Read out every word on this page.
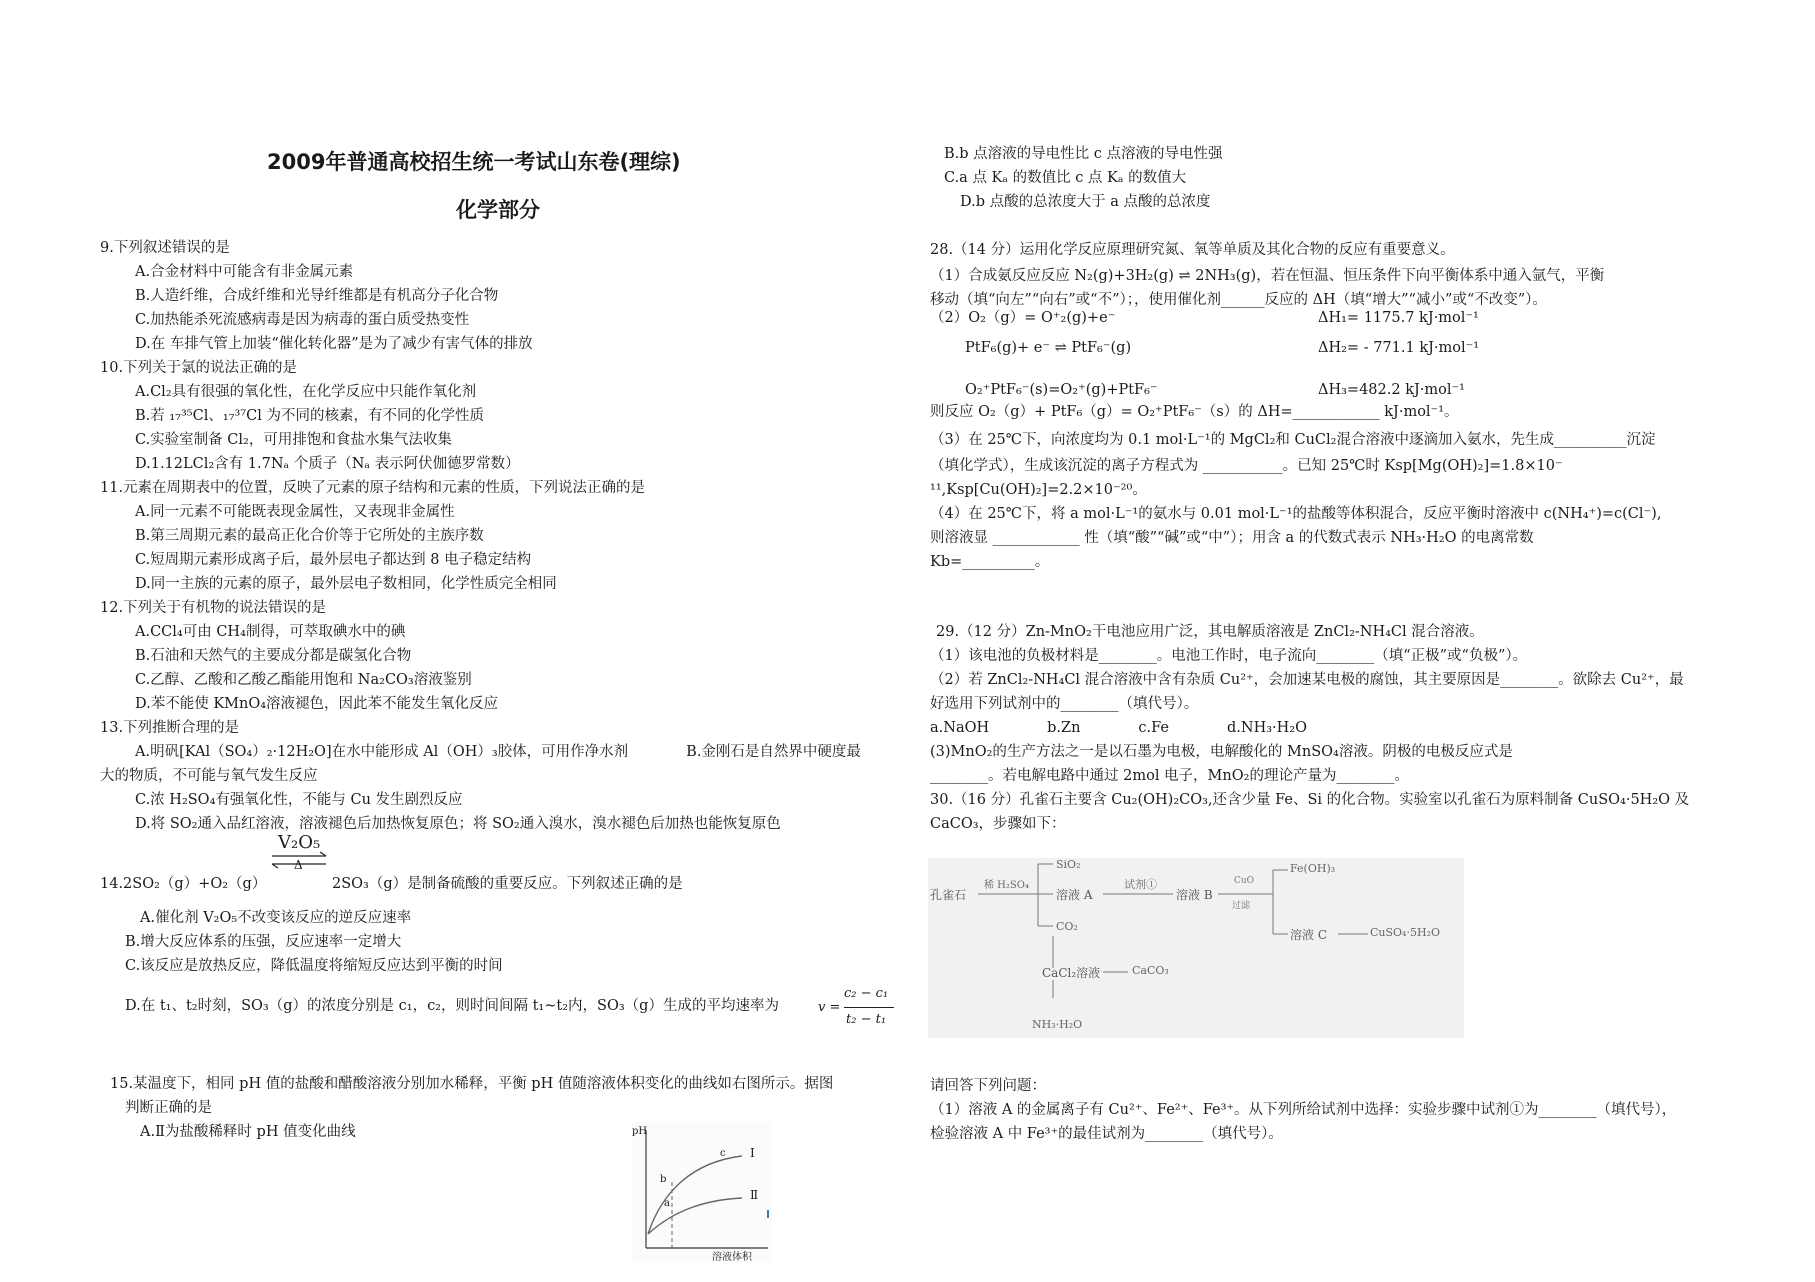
2009年普通高校招生统一考试山东卷(理综)
化学部分
9.下列叙述错误的是
A.合金材料中可能含有非金属元素
B.人造纤维，合成纤维和光导纤维都是有机高分子化合物
C.加热能杀死流感病毒是因为病毒的蛋白质受热变性
D.在 车排气管上加装“催化转化器”是为了减少有害气体的排放
10.下列关于氯的说法正确的是
A.Cl₂具有很强的氧化性，在化学反应中只能作氧化剂
B.若 ₁₇³⁵Cl、₁₇³⁷Cl 为不同的核素，有不同的化学性质
C.实验室制备 Cl₂，可用排饱和食盐水集气法收集
D.1.12LCl₂含有 1.7Nₐ 个质子（Nₐ 表示阿伏伽德罗常数）
11.元素在周期表中的位置，反映了元素的原子结构和元素的性质，下列说法正确的是
A.同一元素不可能既表现金属性，又表现非金属性
B.第三周期元素的最高正化合价等于它所处的主族序数
C.短周期元素形成离子后，最外层电子都达到 8 电子稳定结构
D.同一主族的元素的原子，最外层电子数相同，化学性质完全相同
12.下列关于有机物的说法错误的是
A.CCl₄可由 CH₄制得，可萃取碘水中的碘
B.石油和天然气的主要成分都是碳氢化合物
C.乙醇、乙酸和乙酸乙酯能用饱和 Na₂CO₃溶液鉴别
D.苯不能使 KMnO₄溶液褪色，因此苯不能发生氧化反应
13.下列推断合理的是
A.明矾[KAl（SO₄）₂·12H₂O]在水中能形成 Al（OH）₃胶体，可用作净水剂　　　　B.金刚石是自然界中硬度最
大的物质，不可能与氧气发生反应
C.浓 H₂SO₄有强氧化性，不能与 Cu 发生剧烈反应
D.将 SO₂通入品红溶液，溶液褪色后加热恢复原色；将 SO₂通入溴水，溴水褪色后加热也能恢复原色
14.2SO₂（g）+O₂（g）	2SO₃（g）是制备硫酸的重要反应。下列叙述正确的是
A.催化剂 V₂O₅不改变该反应的逆反应速率
B.增大反应体系的压强，反应速率一定增大
C.该反应是放热反应，降低温度将缩短反应达到平衡的时间
D.在 t₁、t₂时刻，SO₃（g）的浓度分别是 c₁，c₂，则时间间隔 t₁~t₂内，SO₃（g）生成的平均速率为
15.某温度下，相同 pH 值的盐酸和醋酸溶液分别加水稀释，平衡 pH 值随溶液体积变化的曲线如右图所示。据图
判断正确的是
A.Ⅱ为盐酸稀释时 pH 值变化曲线
V₂O₅
Δ
v =
c₂ − c₁
t₂ − t₁
pH
溶液体积
Ⅰ
Ⅱ
a
b
c
B.b 点溶液的导电性比 c 点溶液的导电性强
C.a 点 Kₐ 的数值比 c 点 Kₐ 的数值大
D.b 点酸的总浓度大于 a 点酸的总浓度
28.（14 分）运用化学反应原理研究氮、氧等单质及其化合物的反应有重要意义。
（1）合成氨反应反应 N₂(g)+3H₂(g) ⇌ 2NH₃(g)，若在恒温、恒压条件下向平衡体系中通入氩气，平衡
移动（填“向左”“向右”或“不”）；，使用催化剂______反应的 ΔH（填“增大”“减小”或“不改变”）。
（2）O₂（g）= O⁺₂(g)+e⁻	ΔH₁= 1175.7 kJ·mol⁻¹
PtF₆(g)+ e⁻ ⇌ PtF₆⁻(g)	ΔH₂= - 771.1 kJ·mol⁻¹
O₂⁺PtF₆⁻(s)=O₂⁺(g)+PtF₆⁻	ΔH₃=482.2 kJ·mol⁻¹
则反应 O₂（g）+ PtF₆（g）= O₂⁺PtF₆⁻（s）的 ΔH=____________ kJ·mol⁻¹。
（3）在 25℃下，向浓度均为 0.1 mol·L⁻¹的 MgCl₂和 CuCl₂混合溶液中逐滴加入氨水，先生成__________沉淀
（填化学式），生成该沉淀的离子方程式为 ___________。已知 25℃时 Ksp[Mg(OH)₂]=1.8×10⁻
¹¹,Ksp[Cu(OH)₂]=2.2×10⁻²⁰。
（4）在 25℃下，将 a mol·L⁻¹的氨水与 0.01 mol·L⁻¹的盐酸等体积混合，反应平衡时溶液中 c(NH₄⁺)=c(Cl⁻),
则溶液显 ____________ 性（填“酸”“碱”或“中”）；用含 a 的代数式表示 NH₃·H₂O 的电离常数
Kb=__________。
29.（12 分）Zn-MnO₂干电池应用广泛，其电解质溶液是 ZnCl₂-NH₄Cl 混合溶液。
（1）该电池的负极材料是________。电池工作时，电子流向________（填“正极”或“负极”）。
（2）若 ZnCl₂-NH₄Cl 混合溶液中含有杂质 Cu²⁺，会加速某电极的腐蚀，其主要原因是________。欲除去 Cu²⁺，最
好选用下列试剂中的________（填代号）。
a.NaOH　　　　b.Zn　　　　c.Fe　　　　d.NH₃·H₂O
(3)MnO₂的生产方法之一是以石墨为电极，电解酸化的 MnSO₄溶液。阴极的电极反应式是
________。若电解电路中通过 2mol 电子，MnO₂的理论产量为________。
30.（16 分）孔雀石主要含 Cu₂(OH)₂CO₃,还含少量 Fe、Si 的化合物。实验室以孔雀石为原料制备 CuSO₄·5H₂O 及
CaCO₃，步骤如下：
请回答下列问题：
（1）溶液 A 的金属离子有 Cu²⁺、Fe²⁺、Fe³⁺。从下列所给试剂中选择：实验步骤中试剂①为________（填代号），
检验溶液 A 中 Fe³⁺的最佳试剂为________（填代号）。
孔雀石
稀 H₂SO₄
SiO₂
溶液 A
试剂①
溶液 B
CuO
过滤
Fe(OH)₃
溶液 C	CuSO₄·5H₂O
CO₂
CaCl₂溶液	CaCO₃
NH₃·H₂O
